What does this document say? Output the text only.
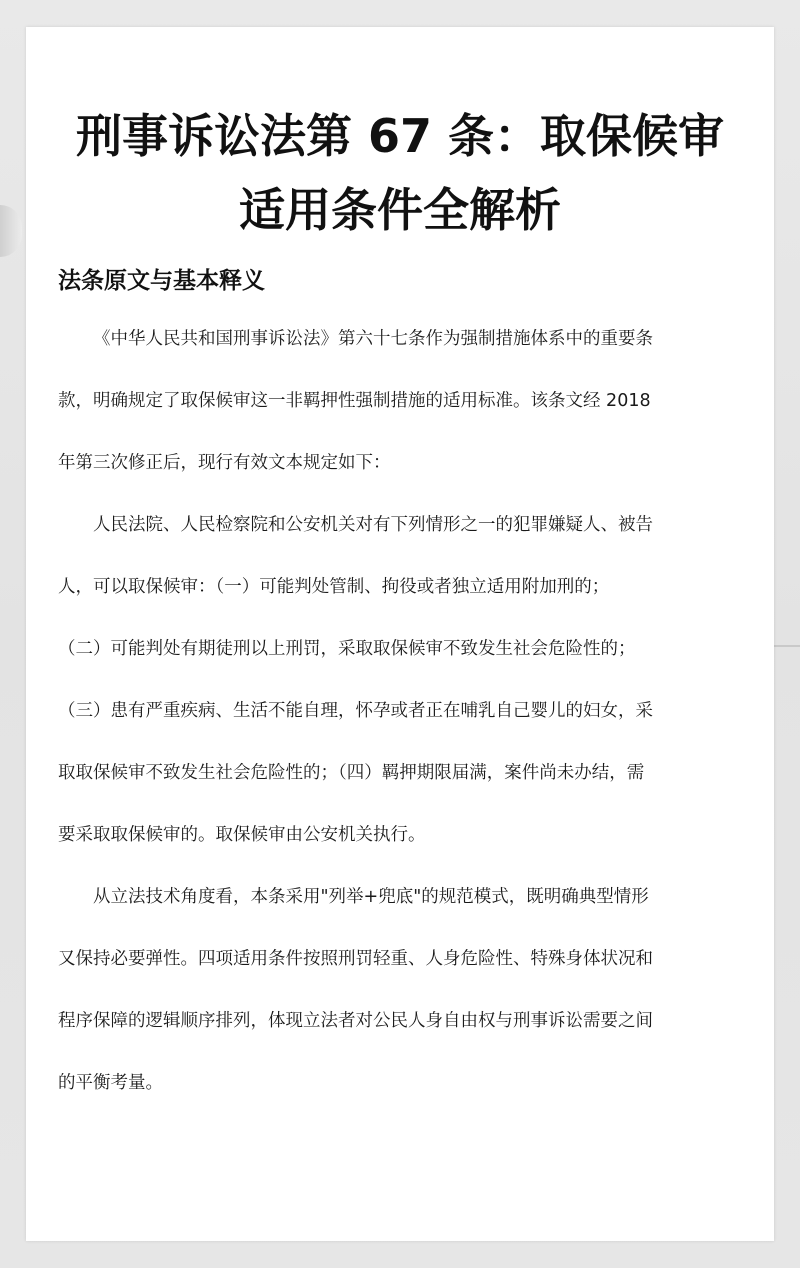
刑事诉讼法第 67 条：取保候审
适用条件全解析
法条原文与基本释义

《中华人民共和国刑事诉讼法》第六十七条作为强制措施体系中的重要条
款，明确规定了取保候审这一非羁押性强制措施的适用标准。该条文经 2018
年第三次修正后，现行有效文本规定如下：

人民法院、人民检察院和公安机关对有下列情形之一的犯罪嫌疑人、被告
人，可以取保候审：（一）可能判处管制、拘役或者独立适用附加刑的；
（二）可能判处有期徒刑以上刑罚，采取取保候审不致发生社会危险性的；
（三）患有严重疾病、生活不能自理，怀孕或者正在哺乳自己婴儿的妇女，采
取取保候审不致发生社会危险性的；（四）羁押期限届满，案件尚未办结，需
要采取取保候审的。取保候审由公安机关执行。

从立法技术角度看，本条采用"列举+兜底"的规范模式，既明确典型情形
又保持必要弹性。四项适用条件按照刑罚轻重、人身危险性、特殊身体状况和
程序保障的逻辑顺序排列，体现立法者对公民人身自由权与刑事诉讼需要之间
的平衡考量。
